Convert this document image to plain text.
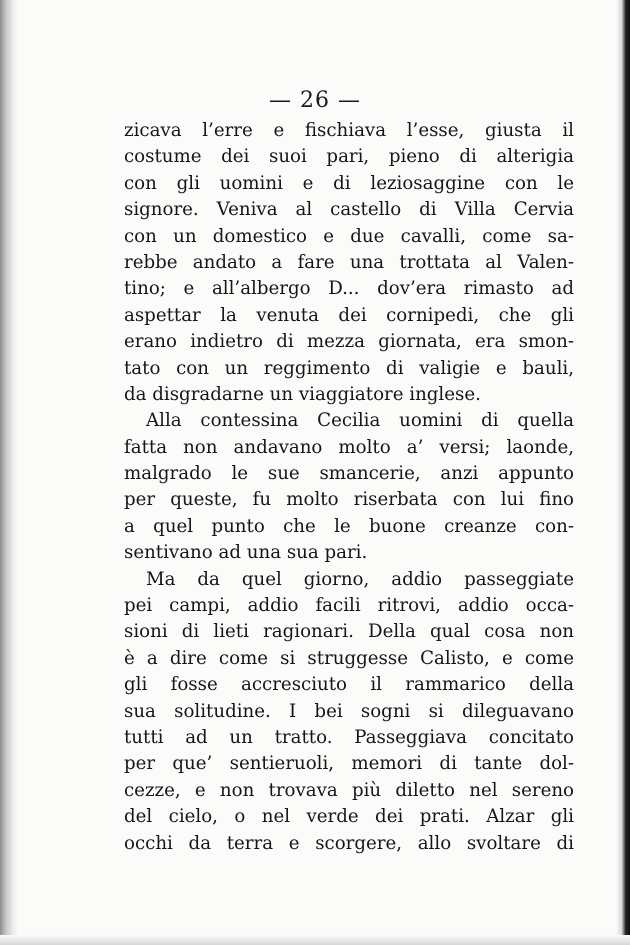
— 26 —
zicava l’erre e fischiava l’esse, giusta il
costume dei suoi pari, pieno di alterigia
con gli uomini e di leziosaggine con le
signore. Veniva al castello di Villa Cervia
con un domestico e due cavalli, come sa-
rebbe andato a fare una trottata al Valen-
tino; e all’albergo D... dov’era rimasto ad
aspettar la venuta dei cornipedi, che gli
erano indietro di mezza giornata, era smon-
tato con un reggimento di valigie e bauli,
da disgradarne un viaggiatore inglese.
Alla contessina Cecilia uomini di quella
fatta non andavano molto a’ versi; laonde,
malgrado le sue smancerie, anzi appunto
per queste, fu molto riserbata con lui fino
a quel punto che le buone creanze con-
sentivano ad una sua pari.
Ma da quel giorno, addio passeggiate
pei campi, addio facili ritrovi, addio occa-
sioni di lieti ragionari. Della qual cosa non
è a dire come si struggesse Calisto, e come
gli fosse accresciuto il rammarico della
sua solitudine. I bei sogni si dileguavano
tutti ad un tratto. Passeggiava concitato
per que’ sentieruoli, memori di tante dol-
cezze, e non trovava più diletto nel sereno
del cielo, o nel verde dei prati. Alzar gli
occhi da terra e scorgere, allo svoltare di
